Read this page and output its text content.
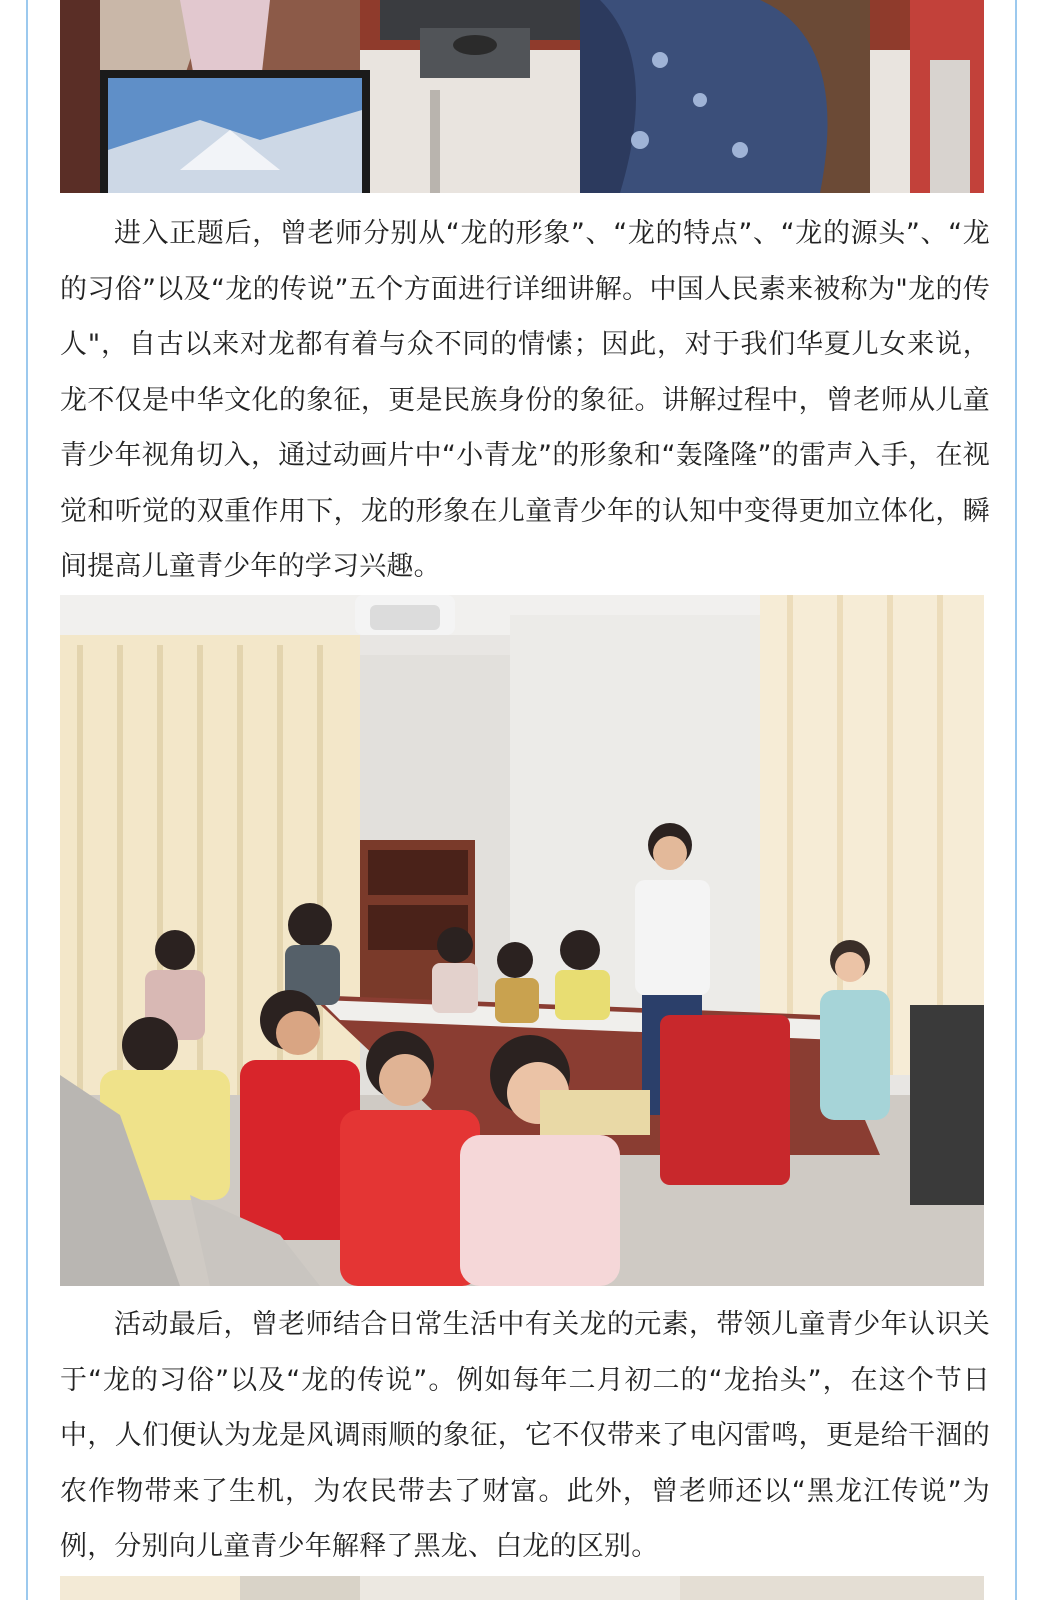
进入正题后，曾老师分别从“龙的形象”、“龙的特点”、“龙的源头”、“龙的习俗”以及“龙的传说”五个方面进行详细讲解。中国人民素来被称为"龙的传人"，自古以来对龙都有着与众不同的情愫；因此，对于我们华夏儿女来说，龙不仅是中华文化的象征，更是民族身份的象征。讲解过程中，曾老师从儿童青少年视角切入，通过动画片中“小青龙”的形象和“轰隆隆”的雷声入手，在视觉和听觉的双重作用下，龙的形象在儿童青少年的认知中变得更加立体化，瞬间提高儿童青少年的学习兴趣。

活动最后，曾老师结合日常生活中有关龙的元素，带领儿童青少年认识关于“龙的习俗”以及“龙的传说”。例如每年二月初二的“龙抬头”，在这个节日中，人们便认为龙是风调雨顺的象征，它不仅带来了电闪雷鸣，更是给干涸的农作物带来了生机，为农民带去了财富。此外，曾老师还以“黑龙江传说”为例，分别向儿童青少年解释了黑龙、白龙的区别。
